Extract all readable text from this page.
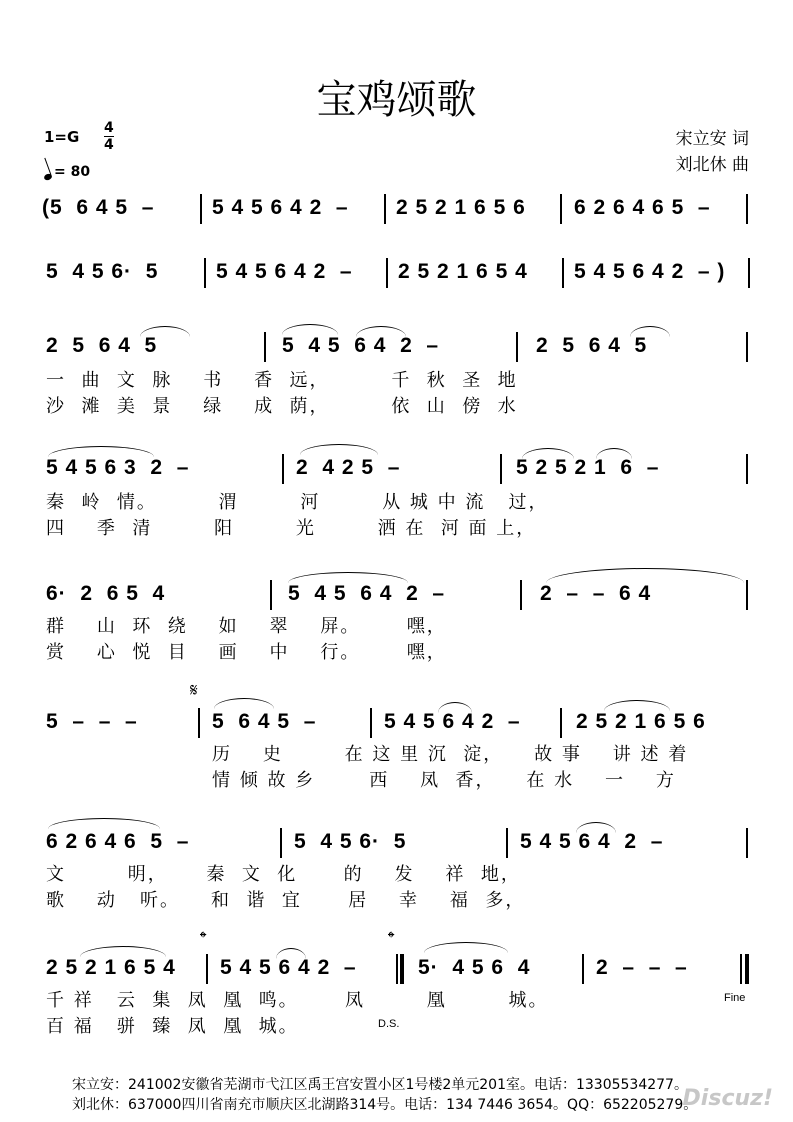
宝鸡颂歌
1=G 4
4
= 80
宋立安 词
刘北休 曲
(5  6 4 5  –	5 4 5 6 4 2  – 2 5 2 1 6 5 6 6 2 6 4 6 5  –
5  4 5 6·  5	5 4 5 6 4 2  – 2 5 2 1 6 5 4 5 4 5 6 4 2  – )
2  5  6 4  5	5  4 5  6 4  2  –	2  5  6 4  5
一  曲  文  脉    书    香  远，        千  秋  圣  地
沙  滩  美  景    绿    成  荫，        依  山  傍  水
5 4 5 6 3  2  –	2  4 2 5  –	5 2 5 2 1  6  –
秦  岭  情。        渭        河        从 城 中 流   过，
四    季  清        阳        光        洒 在  河 面 上，
6·  2  6 5  4	5  4 5  6 4  2  –	2  –  –  6 4
群    山  环  绕    如    翠    屏。      嘿，
赏    心  悦  目    画    中    行。      嘿，
𝄋
5  –  –  –	5  6 4 5  –	5 4 5 6 4 2  –	2 5 2 1 6 5 6
历    史        在 这 里 沉  淀，    故 事    讲 述 着
情 倾 故 乡       西    凤  香，    在 水    一    方
6 2 6 4 6  5  –	5  4 5 6·  5	5 4 5 6 4  2  –
文        明，     秦  文  化      的    发    祥  地，
歌    动   听。    和  谐  宜      居    幸    福  多，
𝄌	𝄌
2 5 2 1 6 5 4 5 4 5 6 4 2  –	5·  4 5 6  4	2  –  –  –
千 祥   云  集  凤  凰  鸣。      凤        凰        城。	Fine
百 福   骈  臻  凤  凰  城。	D.S.
宋立安：241002安徽省芜湖市弋江区禹王宫安置小区1号楼2单元201室。电话：13305534277。
刘北休：637000四川省南充市顺庆区北湖路314号。电话：134 7446 3654。QQ：652205279。
Discuz!
